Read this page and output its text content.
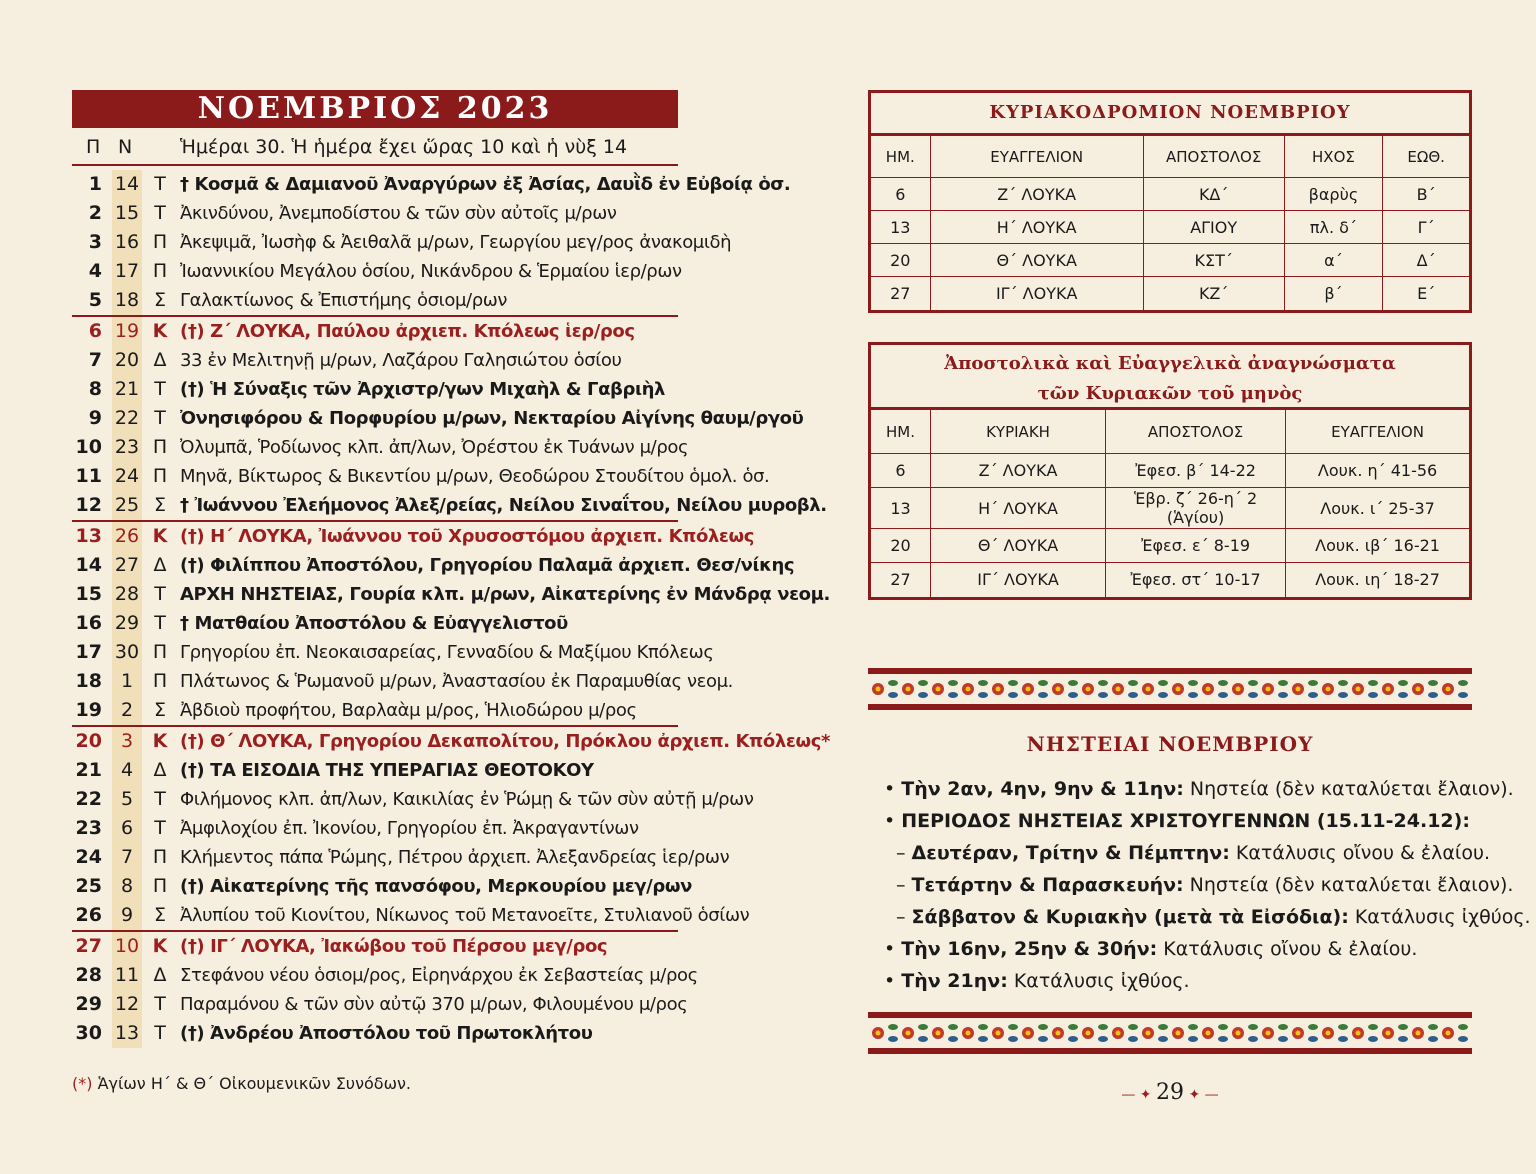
ΝΟΕΜΒΡΙΟΣ 2023
Π Ν	Ἡμέραι 30. Ἡ ἡμέρα ἔχει ὥρας 10 καὶ ἡ νὺξ 14
1 14 Τ † Κοσμᾶ & Δαμιανοῦ Ἀναργύρων ἐξ Ἀσίας, Δαυῒδ ἐν Εὐβοίᾳ ὁσ.
2 15 Τ Ἀκινδύνου, Ἀνεμποδίστου & τῶν σὺν αὐτοῖς μ/ρων
3 16 Π Ἀκεψιμᾶ, Ἰωσὴφ & Ἀειθαλᾶ μ/ρων, Γεωργίου μεγ/ρος ἀνακομιδὴ
4 17 Π Ἰωαννικίου Μεγάλου ὁσίου, Νικάνδρου & Ἑρμαίου ἱερ/ρων
5 18 Σ Γαλακτίωνος & Ἐπιστήμης ὁσιομ/ρων
6 19 Κ (†) Ζ΄ ΛΟΥΚΑ, Παύλου ἀρχιεπ. Κπόλεως ἱερ/ρος
7 20 Δ 33 ἐν Μελιτηνῇ μ/ρων, Λαζάρου Γαλησιώτου ὁσίου
8 21 Τ (†) Ἡ Σύναξις τῶν Ἀρχιστρ/γων Μιχαὴλ & Γαβριὴλ
9 22 Τ Ὀνησιφόρου & Πορφυρίου μ/ρων, Νεκταρίου Αἰγίνης θαυμ/ργοῦ
10 23 Π Ὀλυμπᾶ, Ῥοδίωνος κλπ. ἀπ/λων, Ὀρέστου ἐκ Τυάνων μ/ρος
11 24 Π Μηνᾶ, Βίκτωρος & Βικεντίου μ/ρων, Θεοδώρου Στουδίτου ὁμολ. ὁσ.
12 25 Σ † Ἰωάννου Ἐλεήμονος Ἀλεξ/ρείας, Νείλου Σιναΐτου, Νείλου μυροβλ.
13 26 Κ (†) Η΄ ΛΟΥΚΑ, Ἰωάννου τοῦ Χρυσοστόμου ἀρχιεπ. Κπόλεως
14 27 Δ (†) Φιλίππου Ἀποστόλου, Γρηγορίου Παλαμᾶ ἀρχιεπ. Θεσ/νίκης
15 28 Τ ΑΡΧΗ ΝΗΣΤΕΙΑΣ, Γουρία κλπ. μ/ρων, Αἰκατερίνης ἐν Μάνδρᾳ νεομ.
16 29 Τ † Ματθαίου Ἀποστόλου & Εὐαγγελιστοῦ
17 30 Π Γρηγορίου ἐπ. Νεοκαισαρείας, Γενναδίου & Μαξίμου Κπόλεως
18 1	Π Πλάτωνος & Ῥωμανοῦ μ/ρων, Ἀναστασίου ἐκ Παραμυθίας νεομ.
19 2	Σ Ἀβδιοὺ προφήτου, Βαρλαὰμ μ/ρος, Ἡλιοδώρου μ/ρος
20 3	Κ (†) Θ΄ ΛΟΥΚΑ, Γρηγορίου Δεκαπολίτου, Πρόκλου ἀρχιεπ. Κπόλεως*
21 4	Δ (†) ΤΑ ΕΙΣΟΔΙΑ ΤΗΣ ΥΠΕΡΑΓΙΑΣ ΘΕΟΤΟΚΟΥ
22 5	Τ Φιλήμονος κλπ. ἀπ/λων, Καικιλίας ἐν Ῥώμῃ & τῶν σὺν αὐτῇ μ/ρων
23 6	Τ Ἀμφιλοχίου ἐπ. Ἰκονίου, Γρηγορίου ἐπ. Ἀκραγαντίνων
24 7	Π Κλήμεντος πάπα Ῥώμης, Πέτρου ἀρχιεπ. Ἀλεξανδρείας ἱερ/ρων
25 8	Π (†) Αἰκατερίνης τῆς πανσόφου, Μερκουρίου μεγ/ρων
26 9	Σ Ἀλυπίου τοῦ Κιονίτου, Νίκωνος τοῦ Μετανοεῖτε, Στυλιανοῦ ὁσίων
27 10 Κ (†) ΙΓ΄ ΛΟΥΚΑ, Ἰακώβου τοῦ Πέρσου μεγ/ρος
28 11 Δ Στεφάνου νέου ὁσιομ/ρος, Εἰρηνάρχου ἐκ Σεβαστείας μ/ρος
29 12 Τ Παραμόνου & τῶν σὺν αὐτῷ 370 μ/ρων, Φιλουμένου μ/ρος
30 13 Τ (†) Ἀνδρέου Ἀποστόλου τοῦ Πρωτοκλήτου
(*) Ἁγίων Η΄ & Θ΄ Οἰκουμενικῶν Συνόδων.
ΚΥΡΙΑΚΟΔΡΟΜΙΟΝ ΝΟΕΜΒΡΙΟΥ
ΗΜ.	ΕΥΑΓΓΕΛΙΟΝ	ΑΠΟΣΤΟΛΟΣ	ΗΧΟΣ	ΕΩΘ.
6	Ζ΄ ΛΟΥΚΑ	ΚΔ΄	βαρὺς	Β΄
13	Η΄ ΛΟΥΚΑ	ΑΓΙΟΥ	πλ. δ΄	Γ΄
20	Θ΄ ΛΟΥΚΑ	ΚΣΤ΄	α΄	Δ΄
27	ΙΓ΄ ΛΟΥΚΑ	ΚΖ΄	β΄	Ε΄
Ἀποστολικὰ καὶ Εὐαγγελικὰ ἀναγνώσματα
τῶν Κυριακῶν τοῦ μηνὸς
ΗΜ.	ΚΥΡΙΑΚΗ	ΑΠΟΣΤΟΛΟΣ	ΕΥΑΓΓΕΛΙΟΝ
6	Ζ΄ ΛΟΥΚΑ	Ἐφεσ. β΄ 14-22	Λουκ. η΄ 41-56
13	Η΄ ΛΟΥΚΑ	Ἑβρ. ζ΄ 26-η΄ 2 (Ἁγίου)	Λουκ. ι΄ 25-37
20	Θ΄ ΛΟΥΚΑ	Ἐφεσ. ε΄ 8-19	Λουκ. ιβ΄ 16-21
27	ΙΓ΄ ΛΟΥΚΑ	Ἐφεσ. στ΄ 10-17	Λουκ. ιη΄ 18-27
ΝΗΣΤΕΙΑΙ ΝΟΕΜΒΡΙΟΥ
• Τὴν 2αν, 4ην, 9ην & 11ην: Νηστεία (δὲν καταλύεται ἔλαιον).
• ΠΕΡΙΟΔΟΣ ΝΗΣΤΕΙΑΣ ΧΡΙΣΤΟΥΓΕΝΝΩΝ (15.11-24.12):
– Δευτέραν, Τρίτην & Πέμπτην: Κατάλυσις οἴνου & ἐλαίου.
– Τετάρτην & Παρασκευήν: Νηστεία (δὲν καταλύεται ἔλαιον).
– Σάββατον & Κυριακὴν (μετὰ τὰ Εἰσόδια): Κατάλυσις ἰχθύος.
• Τὴν 16ην, 25ην & 30ήν: Κατάλυσις οἴνου & ἐλαίου.
• Τὴν 21ην: Κατάλυσις ἰχθύος.
— ✦ 29 ✦ —
